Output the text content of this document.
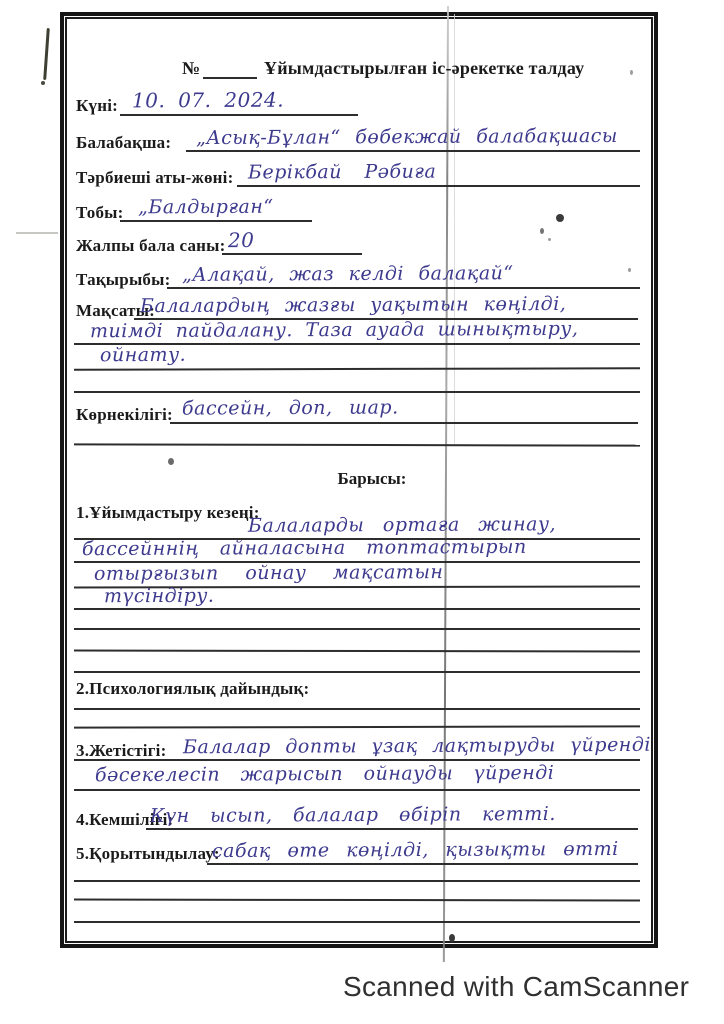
№	Ұйымдастырылған іс-әрекетке талдау
Күні: 10. 07. 2024.
Балабақша: „Асық-Бұлан“ бөбекжай балабақшасы
Тәрбиеші аты-жөні: Берікбай Рәбиға
Тобы: „Балдырған“
Жалпы бала саны: 20
Тақырыбы: „Алақай, жаз келді балақай“
Мақсаты:
Балалардың жазғы уақытын көңілді,
тиімді пайдалану. Таза ауада шынықтыру,
ойнату.
Көрнекілігі: бассейн, доп, шар.
Барысы:
1.Ұйымдастыру кезеңі:
Балаларды ортаға жинау,
бассейннің айналасына топтастырып
отырғызып ойнау мақсатын
түсіндіру.
2.Психологиялық дайындық:
3.Жетістігі: Балалар допты ұзақ лақтыруды үйренді
бәсекелесіп жарысып ойнауды үйренді
4.Кемшілігі:
Күн ысып, балалар өбіріп кетті.
5.Қорытындылау:
сабақ өте көңілді, қызықты өтті
Scanned with CamScanner
